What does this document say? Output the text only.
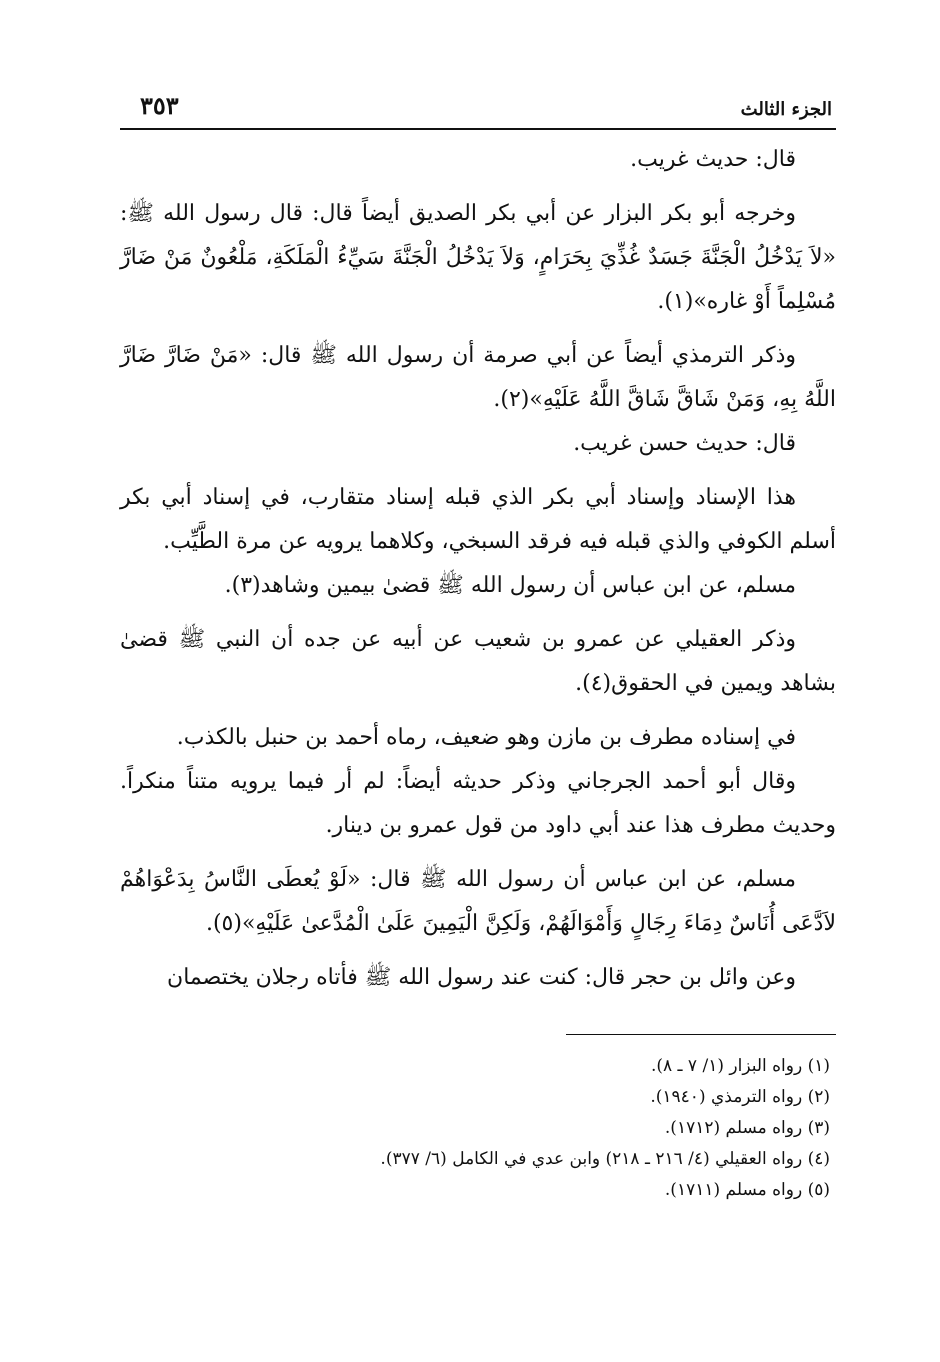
الجزء الثالث
٣٥٣

قال: حديث غريب.

وخرجه أبو بكر البزار عن أبي بكر الصديق أيضاً قال: قال رسول الله ﷺ: «لاَ يَدْخُلُ الْجَنَّةَ جَسَدٌ غُذِّيَ بِحَرَامٍ، وَلاَ يَدْخُلُ الْجَنَّةَ سَيِّءُ الْمَلَكَةِ، مَلْعُونٌ مَنْ ضَارَّ مُسْلِماً أَوْ غاره»(١).

وذكر الترمذي أيضاً عن أبي صرمة أن رسول الله ﷺ قال: «مَنْ ضَارَّ ضَارَّ اللَّهُ بِهِ، وَمَنْ شَاقَّ شَاقَّ اللَّهُ عَلَيْهِ»(٢).

قال: حديث حسن غريب.

هذا الإسناد وإسناد أبي بكر الذي قبله إسناد متقارب، في إسناد أبي بكر أسلم الكوفي والذي قبله فيه فرقد السبخي، وكلاهما يرويه عن مرة الطَّيِّب.

مسلم، عن ابن عباس أن رسول الله ﷺ قضىٰ بيمين وشاهد(٣).

وذكر العقيلي عن عمرو بن شعيب عن أبيه عن جده أن النبي ﷺ قضىٰ بشاهد ويمين في الحقوق(٤).

في إسناده مطرف بن مازن وهو ضعيف، رماه أحمد بن حنبل بالكذب.

وقال أبو أحمد الجرجاني وذكر حديثه أيضاً: لم أر فيما يرويه متناً منكراً. وحديث مطرف هذا عند أبي داود من قول عمرو بن دينار.

مسلم، عن ابن عباس أن رسول الله ﷺ قال: «لَوْ يُعطَى النَّاسُ بِدَعْوَاهُمْ لاَدَّعَى أُنَاسٌ دِمَاءَ رِجَالٍ وَأَمْوَالَهُمْ، وَلَكِنَّ الْيَمِينَ عَلَىٰ الْمُدَّعىٰ عَلَيْهِ»(٥).

وعن وائل بن حجر قال: كنت عند رسول الله ﷺ فأتاه رجلان يختصمان

(١) رواه البزار (١/ ٧ ـ ٨).
(٢) رواه الترمذي (١٩٤٠).
(٣) رواه مسلم (١٧١٢).
(٤) رواه العقيلي (٤/ ٢١٦ ـ ٢١٨) وابن عدي في الكامل (٦/ ٣٧٧).
(٥) رواه مسلم (١٧١١).
